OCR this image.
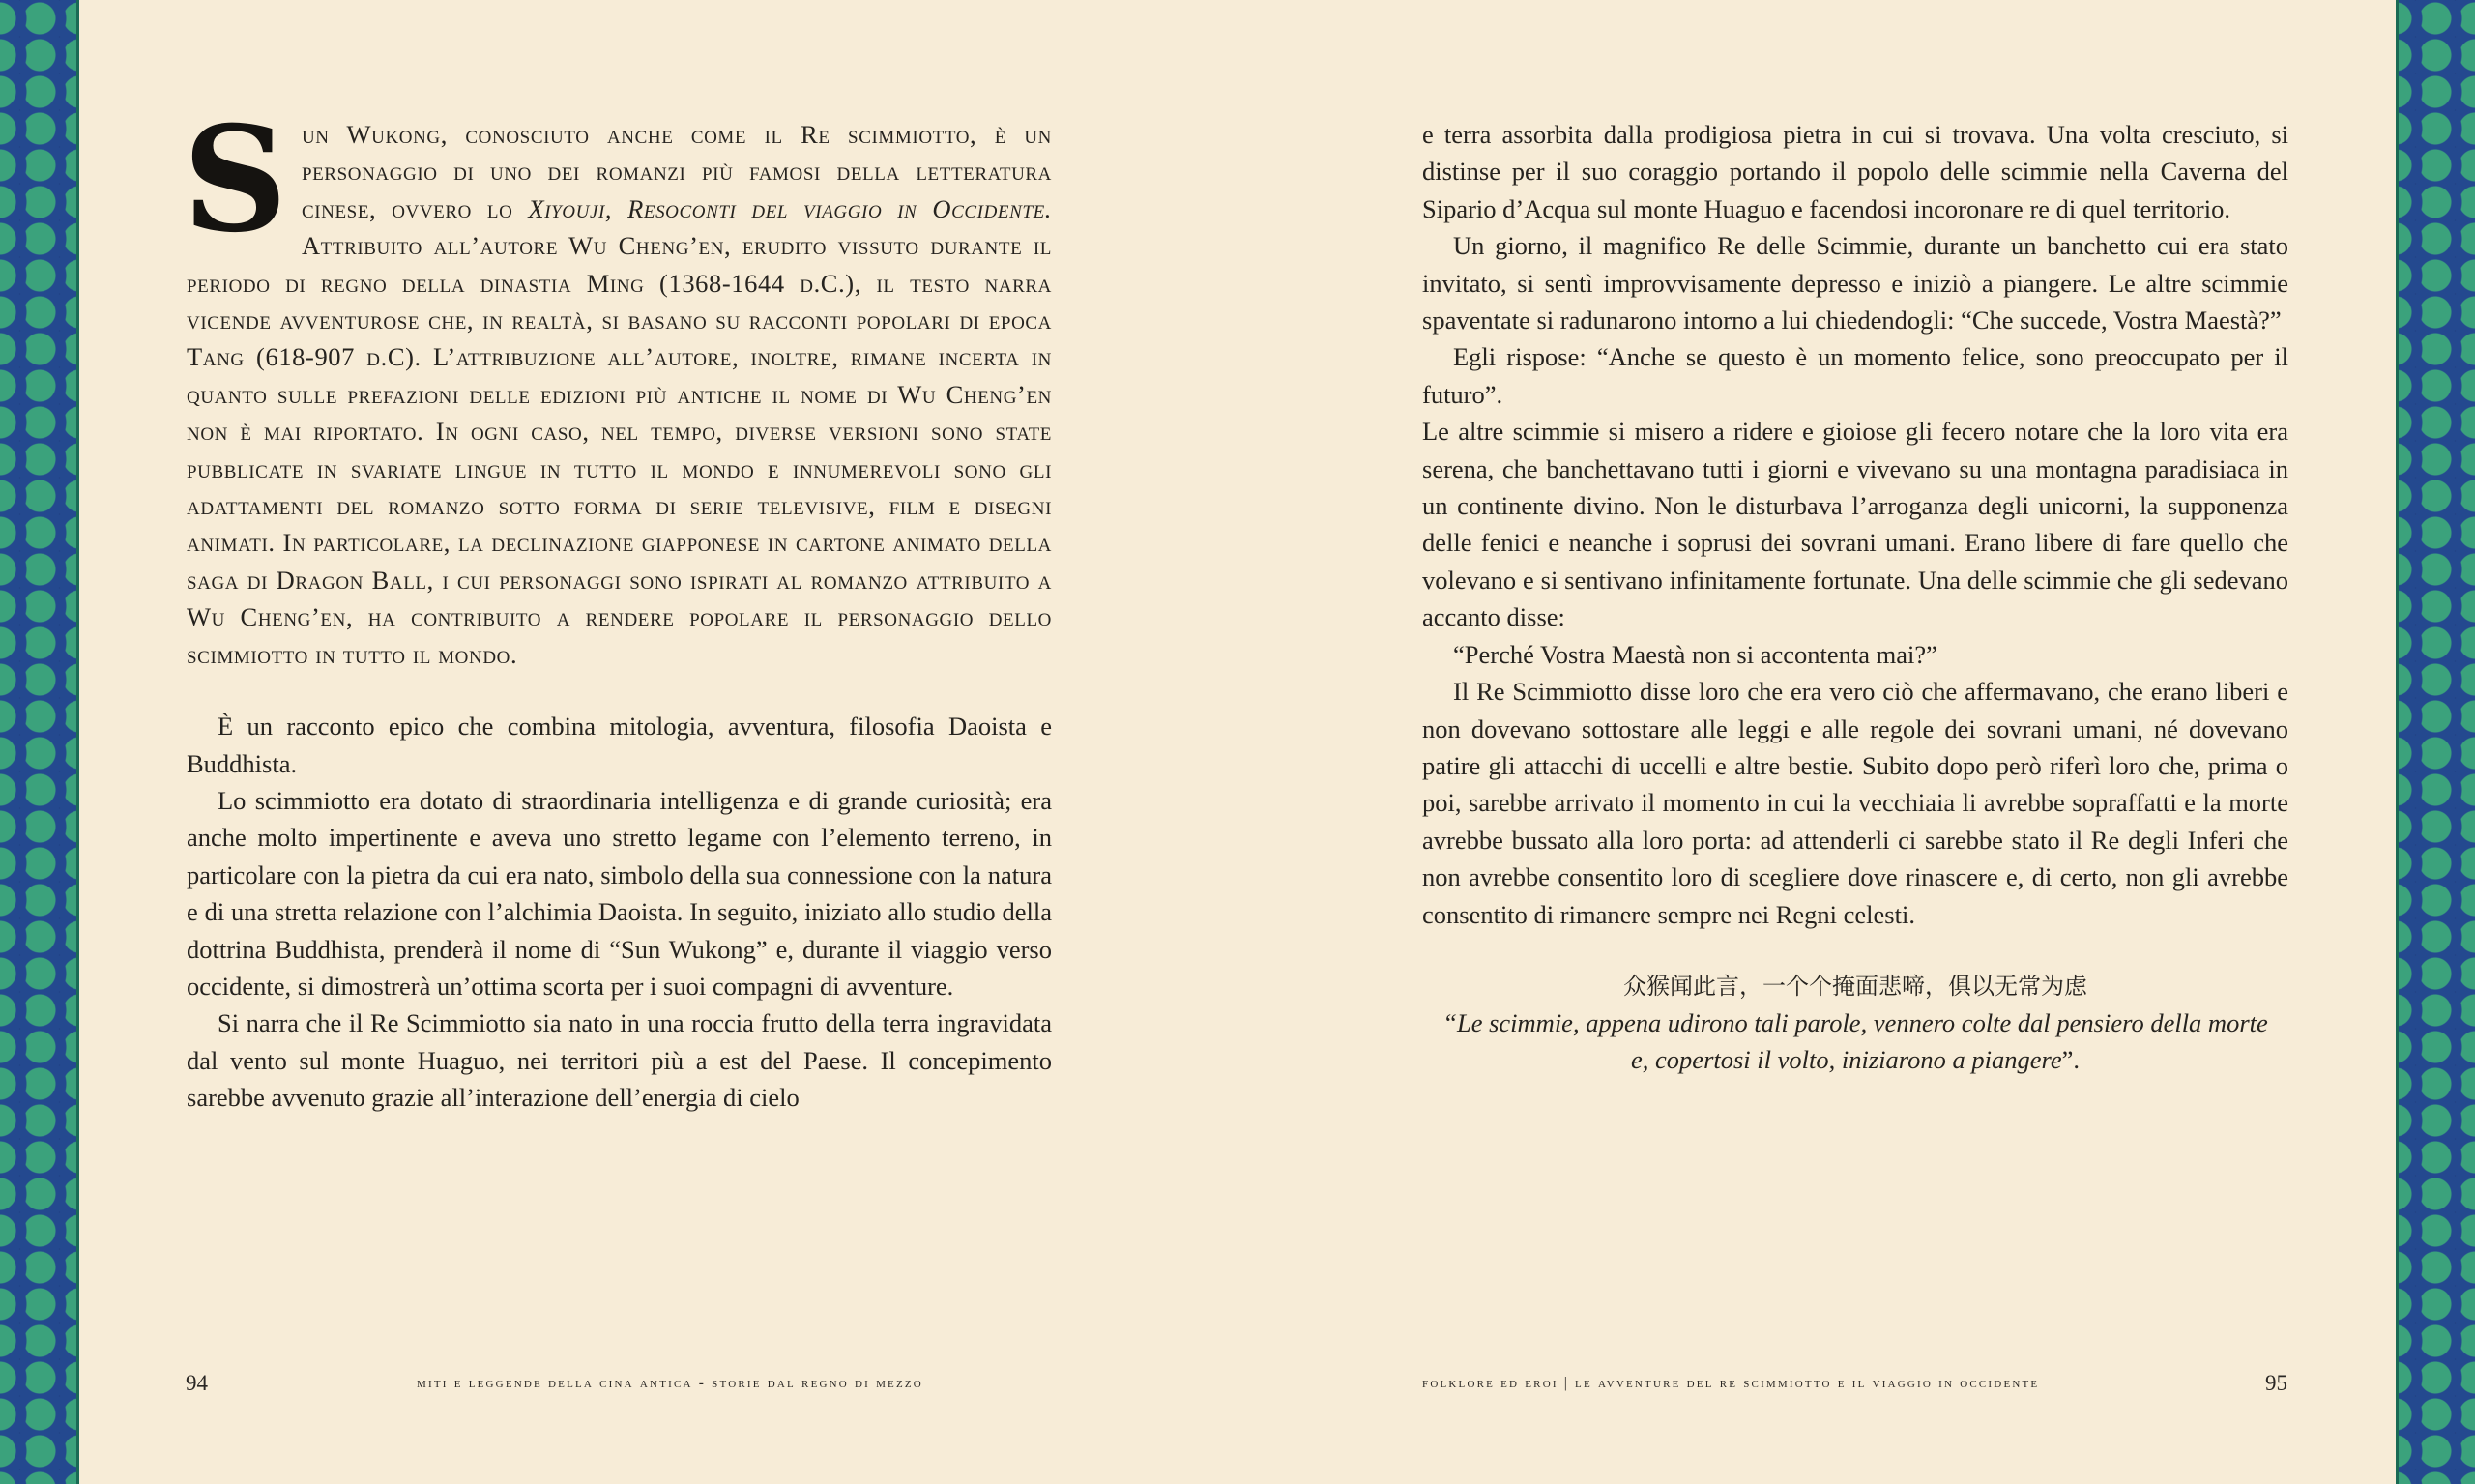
Sun Wukong, conosciuto anche come il Re scimmiotto, è un personaggio di uno dei romanzi più famosi della letteratura cinese, ovvero lo Xiyouji, Resoconti del viaggio in Occidente. Attribuito all’autore Wu Cheng’en, erudito vissuto durante il periodo di regno della dinastia Ming (1368-1644 d.C.), il testo narra vicende avventurose che, in realtà, si basano su racconti popolari di epoca Tang (618-907 d.C). L’attribuzione all’autore, inoltre, rimane incerta in quanto sulle prefazioni delle edizioni più antiche il nome di Wu Cheng’en non è mai riportato. In ogni caso, nel tempo, diverse versioni sono state pubblicate in svariate lingue in tutto il mondo e innumerevoli sono gli adattamenti del romanzo sotto forma di serie televisive, film e disegni animati. In particolare, la declinazione giapponese in cartone animato della saga di Dragon Ball, i cui personaggi sono ispirati al romanzo attribuito a Wu Cheng’en, ha contribuito a rendere popolare il personaggio dello scimmiotto in tutto il mondo.

È un racconto epico che combina mitologia, avventura, filosofia Daoista e Buddhista.

Lo scimmiotto era dotato di straordinaria intelligenza e di grande curiosità; era anche molto impertinente e aveva uno stretto legame con l’elemento terreno, in particolare con la pietra da cui era nato, simbolo della sua connessione con la natura e di una stretta relazione con l’alchimia Daoista. In seguito, iniziato allo studio della dottrina Buddhista, prenderà il nome di “Sun Wukong” e, durante il viaggio verso occidente, si dimostrerà un’ottima scorta per i suoi compagni di avventure.

Si narra che il Re Scimmiotto sia nato in una roccia frutto della terra ingravidata dal vento sul monte Huaguo, nei territori più a est del Paese. Il concepimento sarebbe avvenuto grazie all’interazione dell’energia di cielo

e terra assorbita dalla prodigiosa pietra in cui si trovava. Una volta cresciuto, si distinse per il suo coraggio portando il popolo delle scimmie nella Caverna del Sipario d’Acqua sul monte Huaguo e facendosi incoronare re di quel territorio.

Un giorno, il magnifico Re delle Scimmie, durante un banchetto cui era stato invitato, si sentì improvvisamente depresso e iniziò a piangere. Le altre scimmie spaventate si radunarono intorno a lui chiedendogli: “Che succede, Vostra Maestà?”

Egli rispose: “Anche se questo è un momento felice, sono preoccupato per il futuro”.

Le altre scimmie si misero a ridere e gioiose gli fecero notare che la loro vita era serena, che banchettavano tutti i giorni e vivevano su una montagna paradisiaca in un continente divino. Non le disturbava l’arroganza degli unicorni, la supponenza delle fenici e neanche i soprusi dei sovrani umani. Erano libere di fare quello che volevano e si sentivano infinitamente fortunate. Una delle scimmie che gli sedevano accanto disse:

“Perché Vostra Maestà non si accontenta mai?”

Il Re Scimmiotto disse loro che era vero ciò che affermavano, che erano liberi e non dovevano sottostare alle leggi e alle regole dei sovrani umani, né dovevano patire gli attacchi di uccelli e altre bestie. Subito dopo però riferì loro che, prima o poi, sarebbe arrivato il momento in cui la vecchiaia li avrebbe sopraffatti e la morte avrebbe bussato alla loro porta: ad attenderli ci sarebbe stato il Re degli Inferi che non avrebbe consentito loro di scegliere dove rinascere e, di certo, non gli avrebbe consentito di rimanere sempre nei Regni celesti.

众猴闻此言，一个个掩面悲啼，俱以无常为虑
“Le scimmie, appena udirono tali parole, vennero colte dal pensiero della morte
e, copertosi il volto, iniziarono a piangere”.

94	miti e leggende della cina antica - storie dal regno di mezzo	folklore ed eroi | le avventure del re scimmiotto e il viaggio in occidente	95
